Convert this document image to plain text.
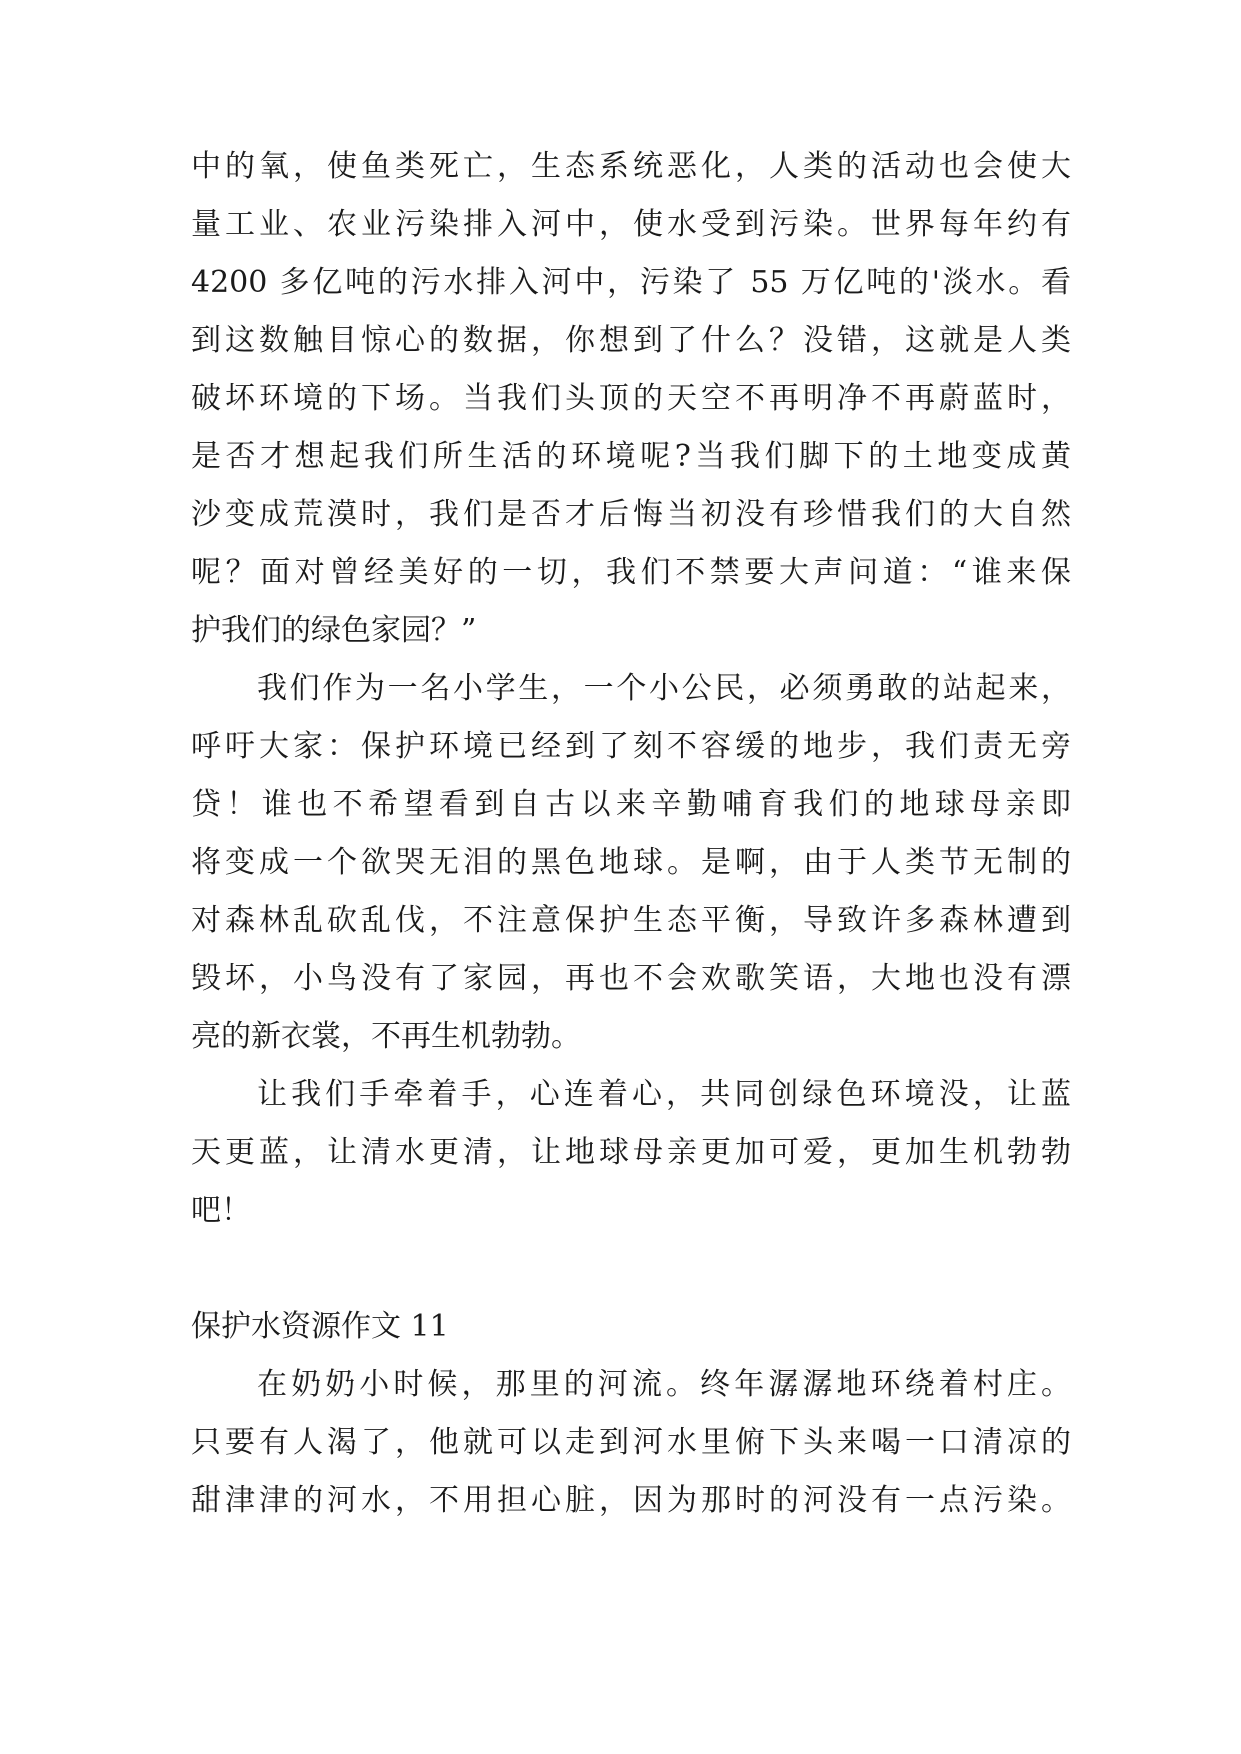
中的氧，使鱼类死亡，生态系统恶化，人类的活动也会使大
量工业、农业污染排入河中，使水受到污染。世界每年约有
4200 多亿吨的污水排入河中，污染了 55 万亿吨的'淡水。看
到这数触目惊心的数据，你想到了什么？没错，这就是人类
破坏环境的下场。当我们头顶的天空不再明净不再蔚蓝时，
是否才想起我们所生活的环境呢?当我们脚下的土地变成黄
沙变成荒漠时，我们是否才后悔当初没有珍惜我们的大自然
呢？面对曾经美好的一切，我们不禁要大声问道：“谁来保
护我们的绿色家园？”
我们作为一名小学生，一个小公民，必须勇敢的站起来，
呼吁大家：保护环境已经到了刻不容缓的地步，我们责无旁
贷！谁也不希望看到自古以来辛勤哺育我们的地球母亲即
将变成一个欲哭无泪的黑色地球。是啊，由于人类节无制的
对森林乱砍乱伐，不注意保护生态平衡，导致许多森林遭到
毁坏，小鸟没有了家园，再也不会欢歌笑语，大地也没有漂
亮的新衣裳，不再生机勃勃。
让我们手牵着手，心连着心，共同创绿色环境没，让蓝
天更蓝，让清水更清，让地球母亲更加可爱，更加生机勃勃
吧！
保护水资源作文 11
在奶奶小时候，那里的河流。终年潺潺地环绕着村庄。
只要有人渴了，他就可以走到河水里俯下头来喝一口清凉的
甜津津的河水，不用担心脏，因为那时的河没有一点污染。
